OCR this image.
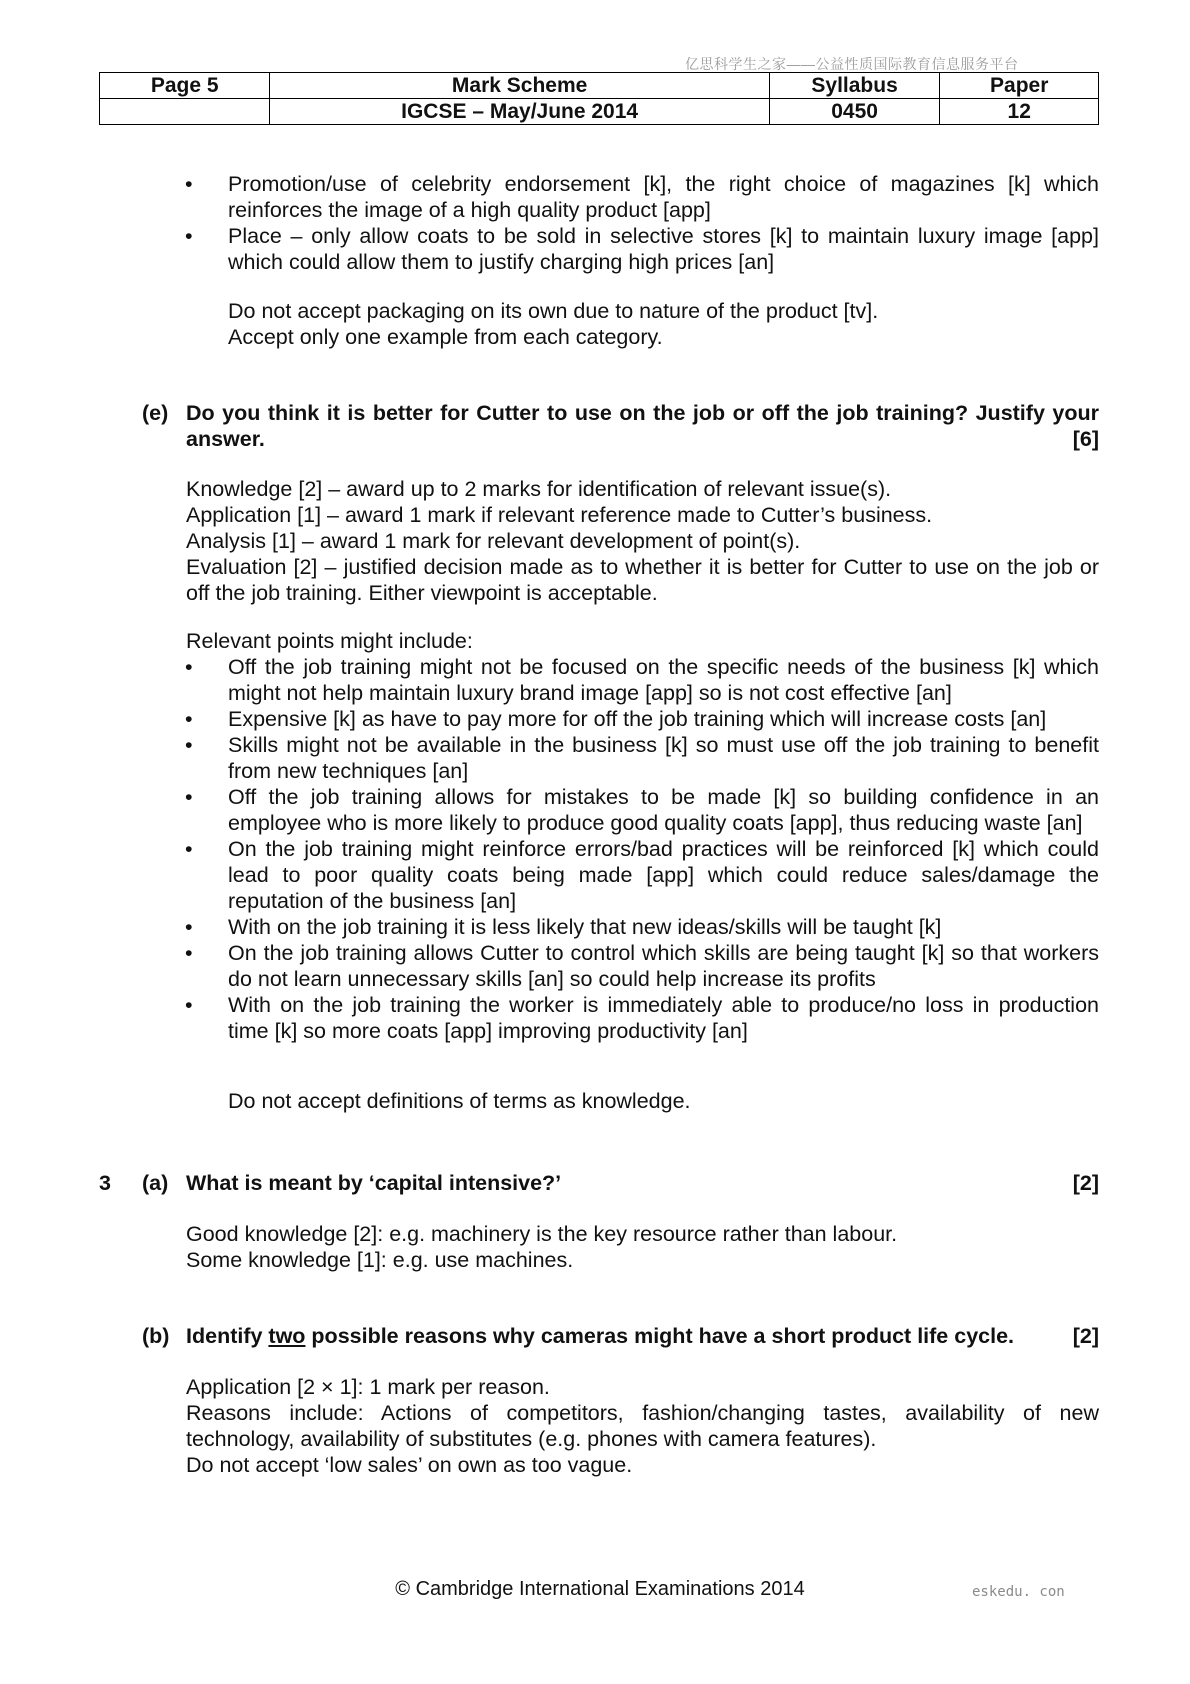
亿思科学生之家——公益性质国际教育信息服务平台
Page 5	Mark Scheme	Syllabus	Paper
	IGCSE – May/June 2014	0450	12
• Promotion/use of celebrity endorsement [k], the right choice of magazines [k] which reinforces the image of a high quality product [app]
• Place – only allow coats to be sold in selective stores [k] to maintain luxury image [app] which could allow them to justify charging high prices [an]

Do not accept packaging on its own due to nature of the product [tv].

Accept only one example from each category.

(e) Do you think it is better for Cutter to use on the job or off the job training? Justify your answer.	[6]

Knowledge [2] – award up to 2 marks for identification of relevant issue(s).

Application [1] – award 1 mark if relevant reference made to Cutter’s business.

Analysis [1] – award 1 mark for relevant development of point(s).

Evaluation [2] – justified decision made as to whether it is better for Cutter to use on the job or off the job training. Either viewpoint is acceptable.

Relevant points might include:
• Off the job training might not be focused on the specific needs of the business [k] which might not help maintain luxury brand image [app] so is not cost effective [an]
• Expensive [k] as have to pay more for off the job training which will increase costs [an]
• Skills might not be available in the business [k] so must use off the job training to benefit from new techniques [an]
• Off the job training allows for mistakes to be made [k] so building confidence in an employee who is more likely to produce good quality coats [app], thus reducing waste [an]
• On the job training might reinforce errors/bad practices will be reinforced [k] which could lead to poor quality coats being made [app] which could reduce sales/damage the reputation of the business [an]
• With on the job training it is less likely that new ideas/skills will be taught [k]
• On the job training allows Cutter to control which skills are being taught [k] so that workers do not learn unnecessary skills [an] so could help increase its profits
• With on the job training the worker is immediately able to produce/no loss in production time [k] so more coats [app] improving productivity [an]
Do not accept definitions of terms as knowledge.
3 (a) What is meant by ‘capital intensive?’	[2]

Good knowledge [2]: e.g. machinery is the key resource rather than labour.

Some knowledge [1]: e.g. use machines.

(b) Identify two possible reasons why cameras might have a short product life cycle.	[2]

Application [2 × 1]: 1 mark per reason.

Reasons include: Actions of competitors, fashion/changing tastes, availability of new technology, availability of substitutes (e.g. phones with camera features).

Do not accept ‘low sales’ on own as too vague.

© Cambridge International Examinations 2014	eskedu. con
